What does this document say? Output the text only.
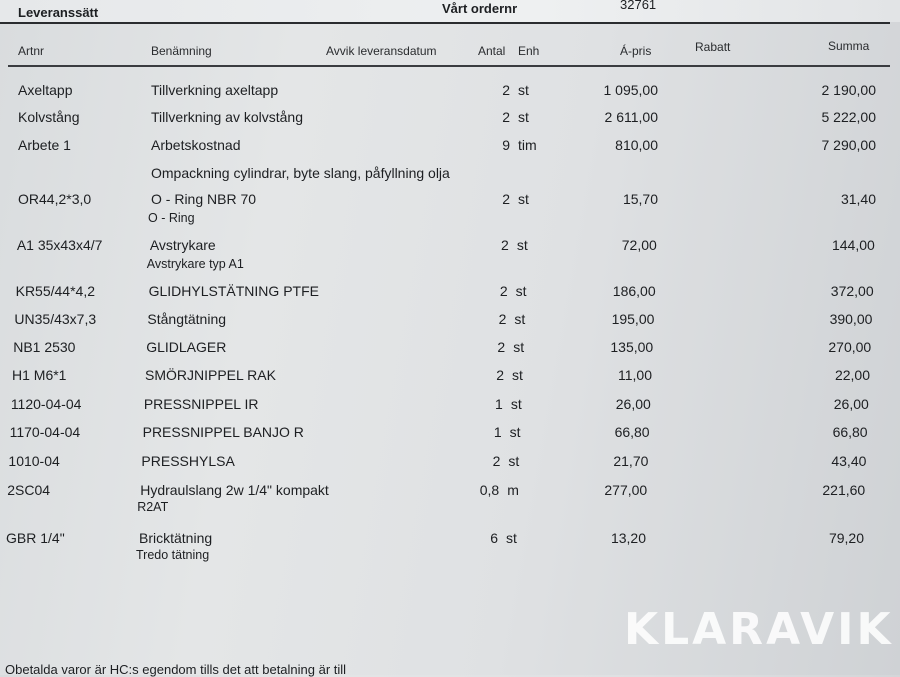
Leveranssätt	Vårt ordernr	32761
Artnr	Benämning	Avvik leveransdatum	Antal Enh	Á-pris	Rabatt	Summa
Axeltapp	Tillverkning axeltapp	2 st	1 095,00	2 190,00
Kolvstång	Tillverkning av kolvstång	2 st	2 611,00	5 222,00
Arbete 1	Arbetskostnad	9 tim	810,00	7 290,00
Ompackning cylindrar, byte slang, påfyllning olja
OR44,2*3,0	O - Ring NBR 70	2 st	15,70	31,40
O - Ring
A1 35x43x4/7	Avstrykare	2 st	72,00	144,00
Avstrykare typ A1
KR55/44*4,2	GLIDHYLSTÄTNING PTFE	2 st	186,00	372,00
UN35/43x7,3	Stångtätning	2 st	195,00	390,00
NB1 2530	GLIDLAGER	2 st	135,00	270,00
H1 M6*1	SMÖRJNIPPEL RAK	2 st	11,00	22,00
1120-04-04	PRESSNIPPEL IR	1 st	26,00	26,00
1170-04-04	PRESSNIPPEL BANJO R	1 st	66,80	66,80
1010-04	PRESSHYLSA	2 st	21,70	43,40
2SC04	Hydraulslang 2w 1/4" kompakt	0,8 m	277,00	221,60
R2AT
GBR 1/4"	Bricktätning	6 st	13,20	79,20
Tredo tätning
KLARAVIK
Obetalda varor är HC:s egendom tills det att betalning är till
